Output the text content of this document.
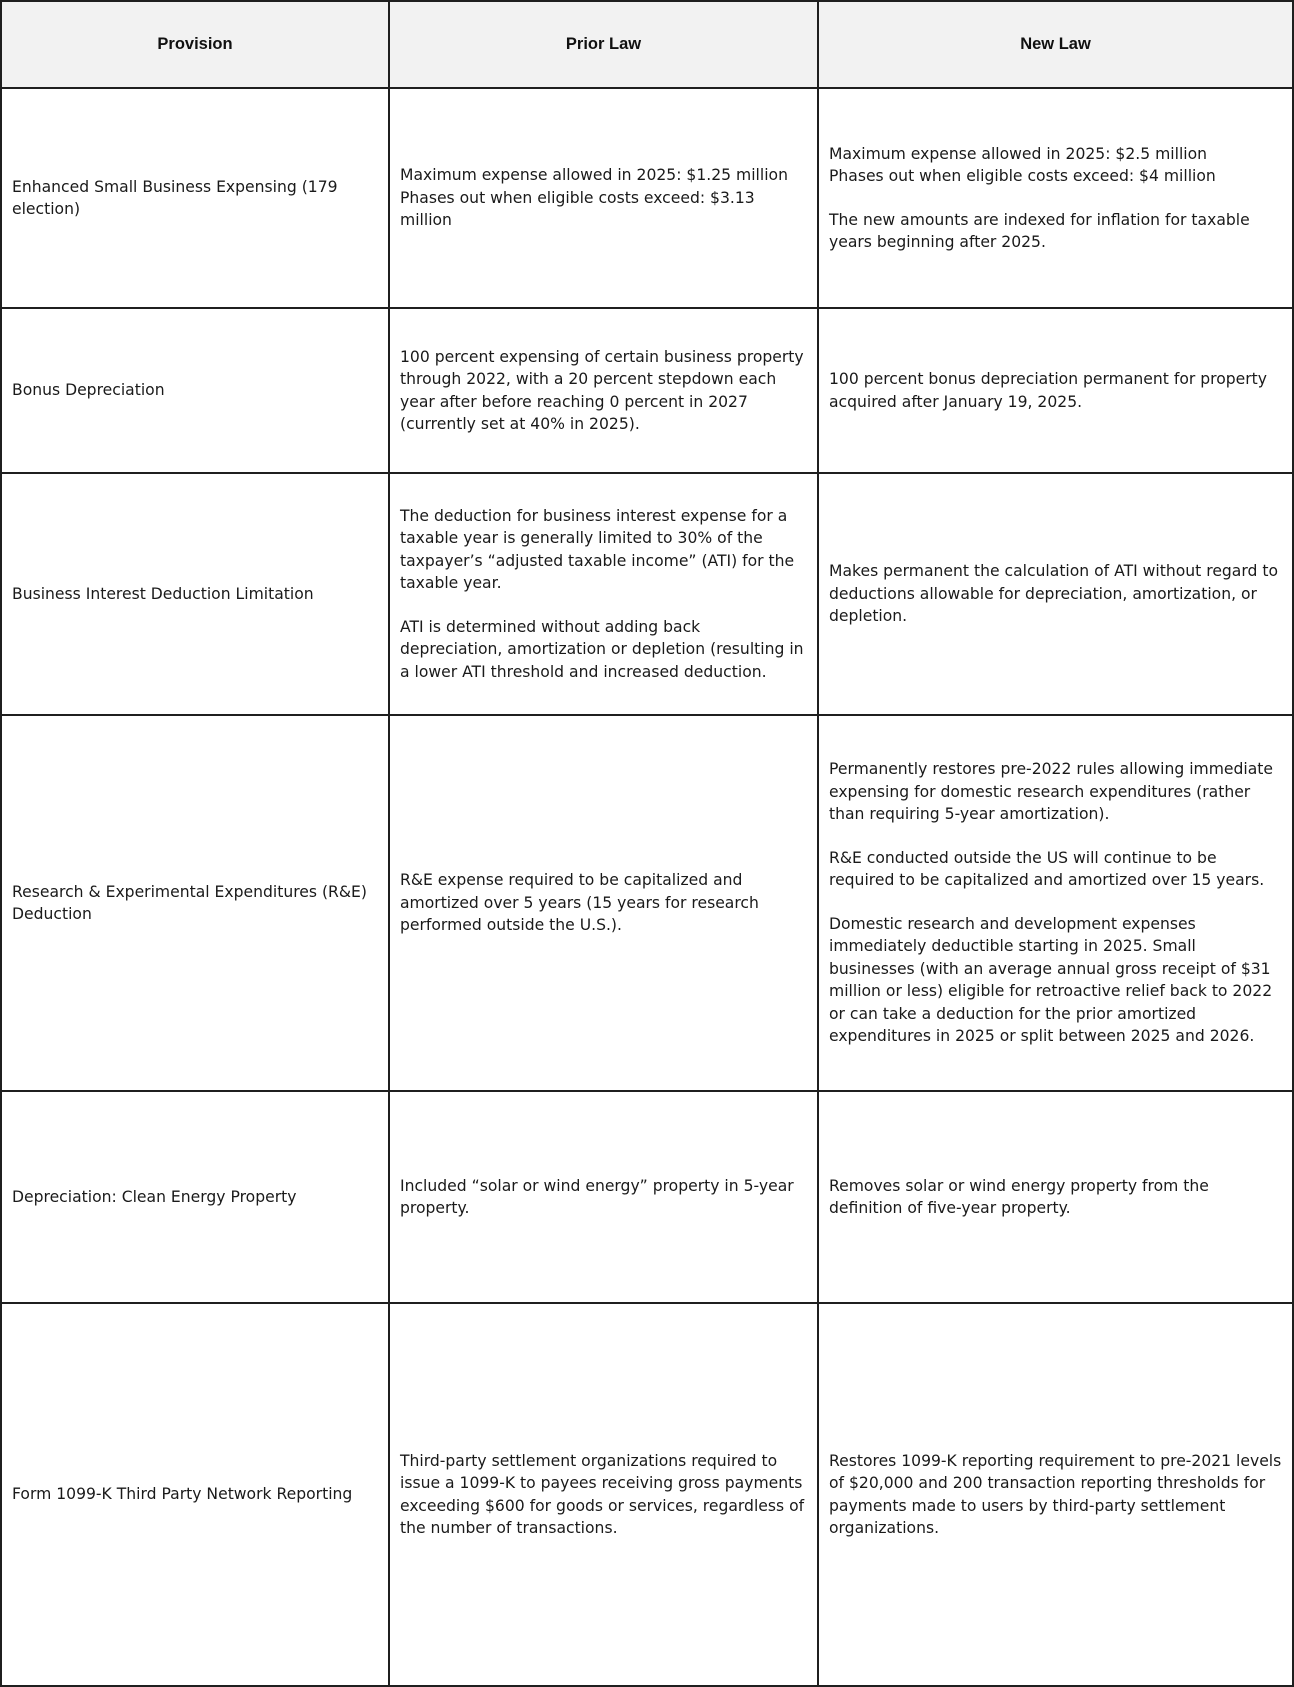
Provision	Prior Law	New Law
Enhanced Small Business Expensing (179 election)
Maximum expense allowed in 2025: $1.25 million
Phases out when eligible costs exceed: $3.13 million
Maximum expense allowed in 2025: $2.5 million
Phases out when eligible costs exceed: $4 million
The new amounts are indexed for inflation for taxable years beginning after 2025.
Bonus Depreciation
100 percent expensing of certain business property through 2022, with a 20 percent stepdown each year after before reaching 0 percent in 2027 (currently set at 40% in 2025).
100 percent bonus depreciation permanent for property acquired after January 19, 2025.
Business Interest Deduction Limitation
The deduction for business interest expense for a taxable year is generally limited to 30% of the taxpayer’s “adjusted taxable income” (ATI) for the taxable year.
ATI is determined without adding back depreciation, amortization or depletion (resulting in a lower ATI threshold and increased deduction.
Makes permanent the calculation of ATI without regard to deductions allowable for depreciation, amortization, or depletion.
Research & Experimental Expenditures (R&E) Deduction
R&E expense required to be capitalized and amortized over 5 years (15 years for research performed outside the U.S.).
Permanently restores pre-2022 rules allowing immediate expensing for domestic research expenditures (rather than requiring 5-year amortization).
R&E conducted outside the US will continue to be required to be capitalized and amortized over 15 years.
Domestic research and development expenses immediately deductible starting in 2025. Small businesses (with an average annual gross receipt of $31 million or less) eligible for retroactive relief back to 2022 or can take a deduction for the prior amortized expenditures in 2025 or split between 2025 and 2026.
Depreciation: Clean Energy Property
Included “solar or wind energy” property in 5-year property.
Removes solar or wind energy property from the definition of five-year property.
Form 1099-K Third Party Network Reporting
Third-party settlement organizations required to issue a 1099-K to payees receiving gross payments exceeding $600 for goods or services, regardless of the number of transactions.
Restores 1099-K reporting requirement to pre-2021 levels of $20,000 and 200 transaction reporting thresholds for payments made to users by third-party settlement organizations.
